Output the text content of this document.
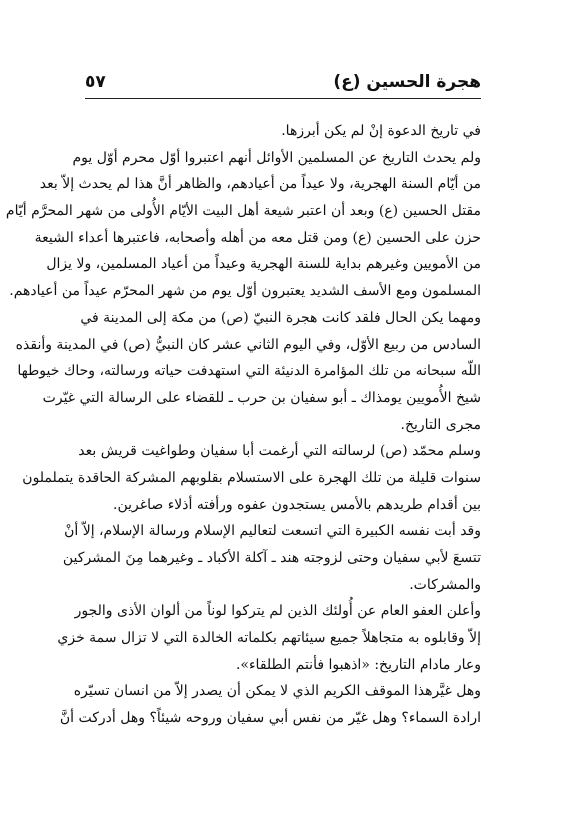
هجرة الحسين (ع)
٥٧
في تاريخ الدعوة إنْ لم يكن أبرزها.
ولم يحدث التاريخ عن المسلمين الأوائل أنهم اعتبروا أوّل محرم أوّل يوم
من أيّام السنة الهجرية، ولا عيداً من أعيادهم، والظاهر أنَّ هذا لم يحدث إلاّ بعد
مقتل الحسين (ع) وبعد أن اعتبر شيعة أهل البيت الأيّام الأُولى من شهر المحرَّم أيّام
حزن على الحسين (ع) ومن قتل معه من أهله وأصحابه، فاعتبرها أعداء الشيعة
من الأمويين وغيرهم بداية للسنة الهجرية وعيداً من أعياد المسلمين، ولا يزال
المسلمون ومع الأسف الشديد يعتبرون أوّل يوم من شهر المحرّم عيداً من أعيادهم.
ومهما يكن الحال فلقد كانت هجرة النبيّ (ص) من مكة إلى المدينة في
السادس من ربيع الأوّل، وفي اليوم الثاني عشر كان النبيُّ (ص) في المدينة وأنقذه
اللّه سبحانه من تلك المؤامرة الدنيئة التي استهدفت حياته ورسالته، وحاك خيوطها
شيخ الأُمويين يومذاك ـ أبو سفيان بن حرب ـ للقضاء على الرسالة التي غيّرت
مجرى التاريخ.
وسلم محمّد (ص) لرسالته التي أرغمت أبا سفيان وطواغيت قريش بعد
سنوات قليلة من تلك الهجرة على الاستسلام بقلوبهم المشركة الحاقدة يتململون
بين أقدام طريدهم بالأمس يستجدون عفوه ورأفته أذلاء صاغرين.
وقد أبت نفسه الكبيرة التي اتسعت لتعاليم الإسلام ورسالة الإسلام، إلاّ أنْ
تتسعَ لأبي سفيان وحتى لزوجته هند ـ آكلة الأكباد ـ وغيرهما مِنَ المشركين
والمشركات.
وأعلن العفو العام عن أُولئك الذين لم يتركوا لوناً من ألوان الأذى والجور
إلاّ وقابلوه به متجاهلاً جميع سيئاتهم بكلماته الخالدة التي لا تزال سمة خزي
وعار مادام التاريخ: «اذهبوا فأنتم الطلقاء».
وهل غيَّرهذا الموقف الكريم الذي لا يمكن أن يصدر إلاّ من انسان تسيّره
ارادة السماء؟ وهل غيّر من نفس أبي سفيان وروحه شيئاً؟ وهل أدركت أنَّ
